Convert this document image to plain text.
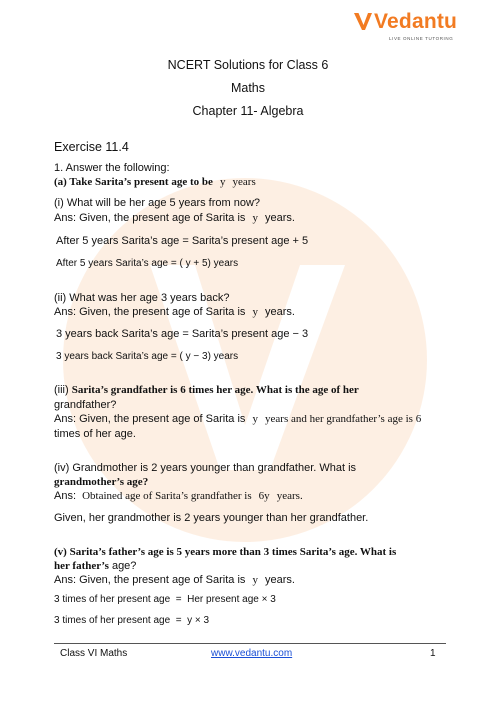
Vedantu
LIVE ONLINE TUTORING
NCERT Solutions for Class 6
Maths
Chapter 11- Algebra
Exercise 11.4
1. Answer the following:
(a) Take Sarita’s present age to be y years
(i) What will be her age 5 years from now?
Ans: Given, the present age of Sarita is y years.
After 5 years Sarita’s age = Sarita’s present age + 5
After 5 years Sarita’s age = ( y + 5) years
(ii) What was her age 3 years back?
Ans: Given, the present age of Sarita is y years.
3 years back Sarita’s age = Sarita’s present age − 3
3 years back Sarita’s age = ( y − 3) years
(iii) Sarita’s grandfather is 6 times her age. What is the age of her
grandfather?
Ans: Given, the present age of Sarita is y years and her grandfather’s age is 6
times of her age.
(iv) Grandmother is 2 years younger than grandfather. What is
grandmother’s age?
Ans: Obtained age of Sarita’s grandfather is 6y years.
Given, her grandmother is 2 years younger than her grandfather.
(v) Sarita’s father’s age is 5 years more than 3 times Sarita’s age. What is
her father’s age?
Ans: Given, the present age of Sarita is y years.
3 times of her present age  =  Her present age × 3
3 times of her present age  =  y × 3
Class VI Maths	www.vedantu.com	1
